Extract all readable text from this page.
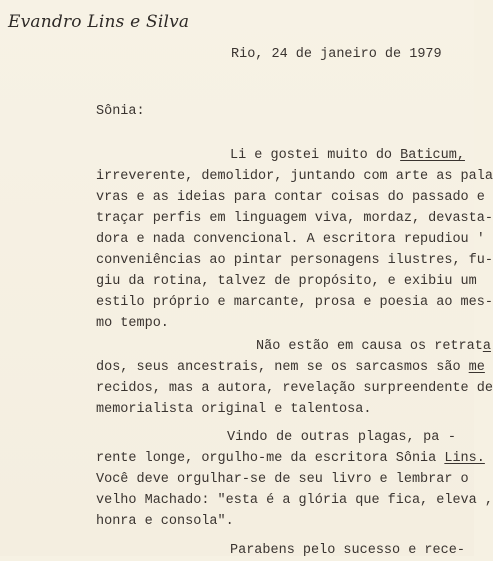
Evandro Lins e Silva
Rio, 24 de janeiro de 1979
Sônia:
Li e gostei muito do Baticum,
irreverente, demolidor, juntando com arte as pala
vras e as ideias para contar coisas do passado e
traçar perfis em linguagem viva, mordaz, devasta-
dora e nada convencional. A escritora repudiou '
conveniências ao pintar personagens ilustres, fu-
giu da rotina, talvez de propósito, e exibiu um
estilo próprio e marcante, prosa e poesia ao mes-
mo tempo.
Não estão em causa os retrata
dos, seus ancestrais, nem se os sarcasmos são me
recidos, mas a autora, revelação surpreendente de
memorialista original e talentosa.
Vindo de outras plagas, pa -
rente longe, orgulho-me da escritora Sônia Lins.
Você deve orgulhar-se de seu livro e lembrar o
velho Machado: "esta é a glória que fica, eleva ,
honra e consola".
Parabens pelo sucesso e rece-
